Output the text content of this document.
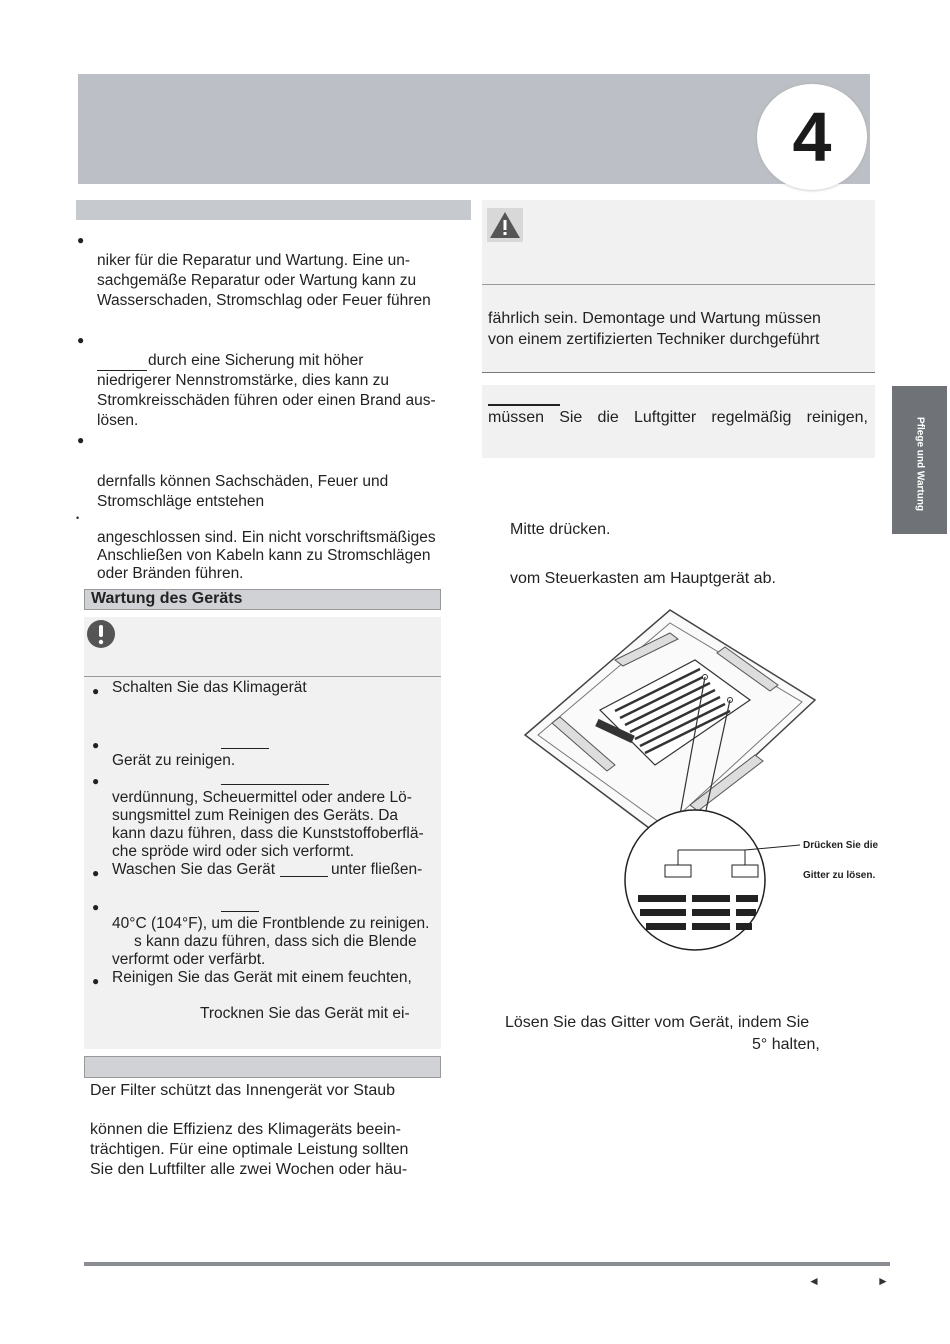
4
Pflege und Wartung
●
niker für die Reparatur und Wartung. Eine un-
sachgemäße Reparatur oder Wartung kann zu
Wasserschaden, Stromschlag oder Feuer führen
●
durch eine Sicherung mit höher
niedrigerer Nennstromstärke, dies kann zu
Stromkreisschäden führen oder einen Brand aus-
lösen.
●
dernfalls können Sachschäden, Feuer und
Stromschläge entstehen
•
angeschlossen sind. Ein nicht vorschriftsmäßiges
Anschließen von Kabeln kann zu Stromschlägen
oder Bränden führen.
Wartung des Geräts
● Schalten Sie das Klimagerät
●
Gerät zu reinigen.
●
verdünnung, Scheuermittel oder andere Lö-
sungsmittel zum Reinigen des Geräts. Da
kann dazu führen, dass die Kunststoffoberflä-
che spröde wird oder sich verformt.
● Waschen Sie das Gerät	unter fließen-
●
40°C (104°F), um die Frontblende zu reinigen.
s kann dazu führen, dass sich die Blende
verformt oder verfärbt.
● Reinigen Sie das Gerät mit einem feuchten,
Trocknen Sie das Gerät mit ei-
Der Filter schützt das Innengerät vor Staub
können die Effizienz des Klimageräts beein-
trächtigen. Für eine optimale Leistung sollten
Sie den Luftfilter alle zwei Wochen oder häu-
fährlich sein. Demontage und Wartung müssen
von einem zertifizierten Techniker durchgeführt
müssen Sie die Luftgitter regelmäßig reinigen,
Mitte drücken.
vom Steuerkasten am Hauptgerät ab.
Drücken Sie die
Gitter zu lösen.
Lösen Sie das Gitter vom Gerät, indem Sie
5° halten,
◄	►
